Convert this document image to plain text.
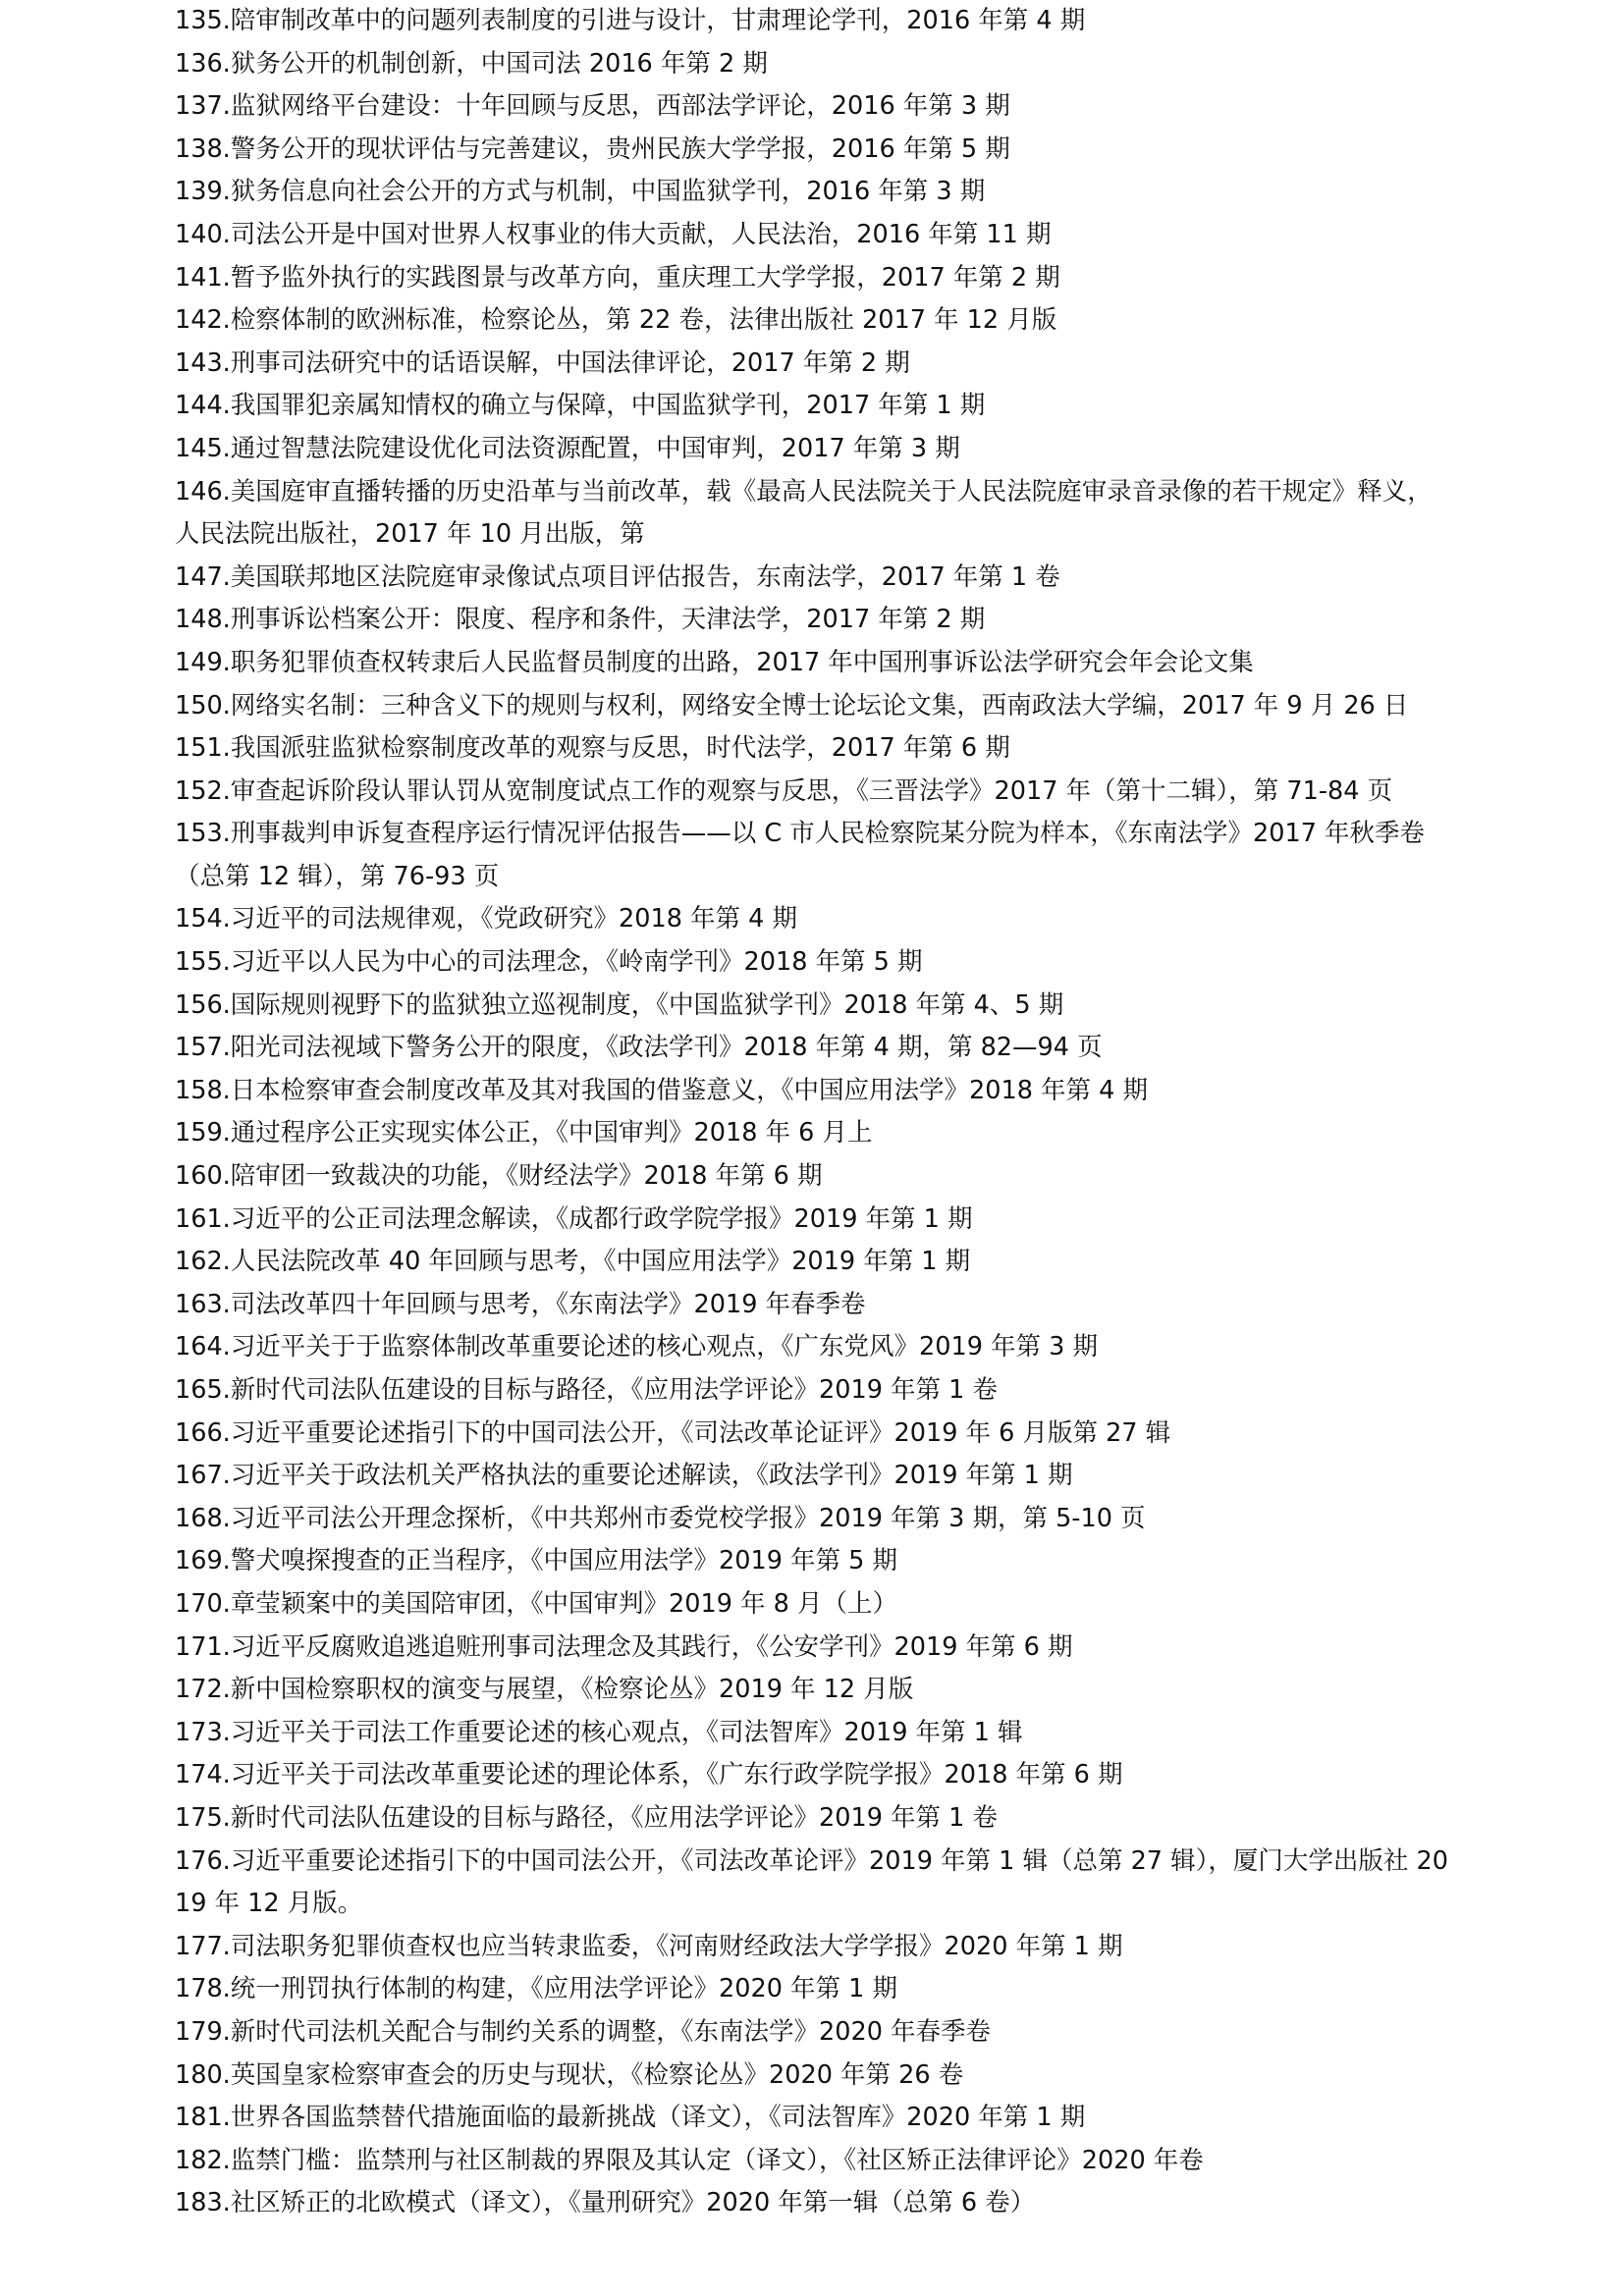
135.陪审制改革中的问题列表制度的引进与设计，甘肃理论学刊，2016 年第 4 期

136.狱务公开的机制创新，中国司法 2016 年第 2 期

137.监狱网络平台建设：十年回顾与反思，西部法学评论，2016 年第 3 期

138.警务公开的现状评估与完善建议，贵州民族大学学报，2016 年第 5 期

139.狱务信息向社会公开的方式与机制，中国监狱学刊，2016 年第 3 期

140.司法公开是中国对世界人权事业的伟大贡献，人民法治，2016 年第 11 期

141.暂予监外执行的实践图景与改革方向，重庆理工大学学报，2017 年第 2 期

142.检察体制的欧洲标准，检察论丛，第 22 卷，法律出版社 2017 年 12 月版

143.刑事司法研究中的话语误解，中国法律评论，2017 年第 2 期

144.我国罪犯亲属知情权的确立与保障，中国监狱学刊，2017 年第 1 期

145.通过智慧法院建设优化司法资源配置，中国审判，2017 年第 3 期

146.美国庭审直播转播的历史沿革与当前改革，载《最高人民法院关于人民法院庭审录音录像的若干规定》释义，人民法院出版社，2017 年 10 月出版，第

147.美国联邦地区法院庭审录像试点项目评估报告，东南法学，2017 年第 1 卷

148.刑事诉讼档案公开：限度、程序和条件，天津法学，2017 年第 2 期

149.职务犯罪侦查权转隶后人民监督员制度的出路，2017 年中国刑事诉讼法学研究会年会论文集

150.网络实名制：三种含义下的规则与权利，网络安全博士论坛论文集，西南政法大学编，2017 年 9 月 26 日

151.我国派驻监狱检察制度改革的观察与反思，时代法学，2017 年第 6 期

152.审查起诉阶段认罪认罚从宽制度试点工作的观察与反思，《三晋法学》2017 年（第十二辑），第 71-84 页

153.刑事裁判申诉复查程序运行情况评估报告——以 C 市人民检察院某分院为样本，《东南法学》2017 年秋季卷（总第 12 辑），第 76-93 页

154.习近平的司法规律观，《党政研究》2018 年第 4 期

155.习近平以人民为中心的司法理念，《岭南学刊》2018 年第 5 期

156.国际规则视野下的监狱独立巡视制度，《中国监狱学刊》2018 年第 4、5 期

157.阳光司法视域下警务公开的限度，《政法学刊》2018 年第 4 期，第 82—94 页

158.日本检察审查会制度改革及其对我国的借鉴意义，《中国应用法学》2018 年第 4 期

159.通过程序公正实现实体公正，《中国审判》2018 年 6 月上

160.陪审团一致裁决的功能，《财经法学》2018 年第 6 期

161.习近平的公正司法理念解读，《成都行政学院学报》2019 年第 1 期

162.人民法院改革 40 年回顾与思考，《中国应用法学》2019 年第 1 期

163.司法改革四十年回顾与思考，《东南法学》2019 年春季卷

164.习近平关于于监察体制改革重要论述的核心观点，《广东党风》2019 年第 3 期

165.新时代司法队伍建设的目标与路径，《应用法学评论》2019 年第 1 卷

166.习近平重要论述指引下的中国司法公开，《司法改革论证评》2019 年 6 月版第 27 辑

167.习近平关于政法机关严格执法的重要论述解读，《政法学刊》2019 年第 1 期

168.习近平司法公开理念探析，《中共郑州市委党校学报》2019 年第 3 期，第 5-10 页

169.警犬嗅探搜查的正当程序，《中国应用法学》2019 年第 5 期

170.章莹颖案中的美国陪审团，《中国审判》2019 年 8 月（上）

171.习近平反腐败追逃追赃刑事司法理念及其践行，《公安学刊》2019 年第 6 期

172.新中国检察职权的演变与展望，《检察论丛》2019 年 12 月版

173.习近平关于司法工作重要论述的核心观点，《司法智库》2019 年第 1 辑

174.习近平关于司法改革重要论述的理论体系，《广东行政学院学报》2018 年第 6 期

175.新时代司法队伍建设的目标与路径，《应用法学评论》2019 年第 1 卷

176.习近平重要论述指引下的中国司法公开，《司法改革论评》2019 年第 1 辑（总第 27 辑），厦门大学出版社 2019 年 12 月版。

177.司法职务犯罪侦查权也应当转隶监委，《河南财经政法大学学报》2020 年第 1 期

178.统一刑罚执行体制的构建，《应用法学评论》2020 年第 1 期

179.新时代司法机关配合与制约关系的调整，《东南法学》2020 年春季卷

180.英国皇家检察审查会的历史与现状，《检察论丛》2020 年第 26 卷

181.世界各国监禁替代措施面临的最新挑战（译文），《司法智库》2020 年第 1 期

182.监禁门槛：监禁刑与社区制裁的界限及其认定（译文），《社区矫正法律评论》2020 年卷

183.社区矫正的北欧模式（译文），《量刑研究》2020 年第一辑（总第 6 卷）
